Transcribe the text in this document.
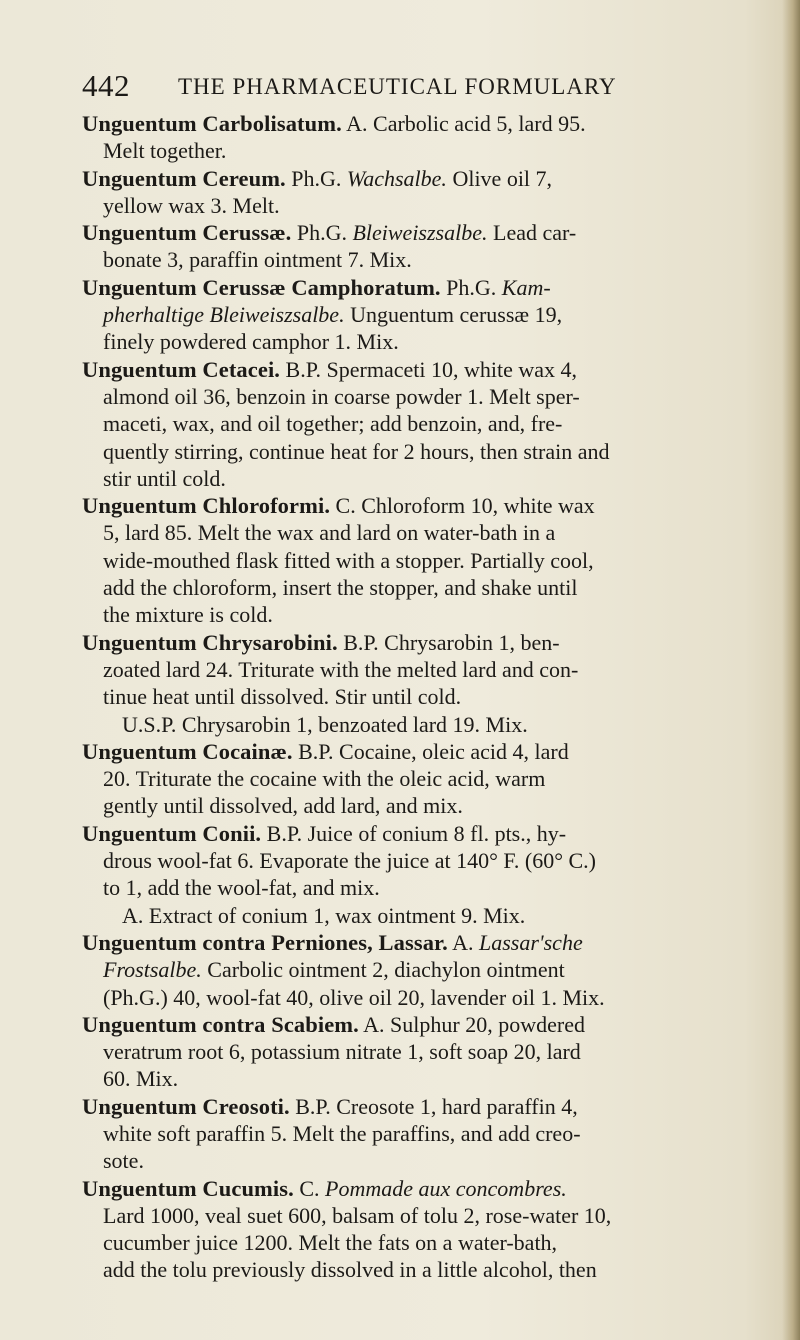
442 THE PHARMACEUTICAL FORMULARY
Unguentum Carbolisatum. A. Carbolic acid 5, lard 95.
Melt together.
Unguentum Cereum. Ph.G. Wachsalbe. Olive oil 7,
yellow wax 3. Melt.
Unguentum Cerussæ. Ph.G. Bleiweiszsalbe. Lead car-
bonate 3, paraffin ointment 7. Mix.
Unguentum Cerussæ Camphoratum. Ph.G. Kam-
pherhaltige Bleiweiszsalbe. Unguentum cerussæ 19,
finely powdered camphor 1. Mix.
Unguentum Cetacei. B.P. Spermaceti 10, white wax 4,
almond oil 36, benzoin in coarse powder 1. Melt sper-
maceti, wax, and oil together; add benzoin, and, fre-
quently stirring, continue heat for 2 hours, then strain and
stir until cold.
Unguentum Chloroformi. C. Chloroform 10, white wax
5, lard 85. Melt the wax and lard on water-bath in a
wide-mouthed flask fitted with a stopper. Partially cool,
add the chloroform, insert the stopper, and shake until
the mixture is cold.
Unguentum Chrysarobini. B.P. Chrysarobin 1, ben-
zoated lard 24. Triturate with the melted lard and con-
tinue heat until dissolved. Stir until cold.
U.S.P. Chrysarobin 1, benzoated lard 19. Mix.
Unguentum Cocainæ. B.P. Cocaine, oleic acid 4, lard
20. Triturate the cocaine with the oleic acid, warm
gently until dissolved, add lard, and mix.
Unguentum Conii. B.P. Juice of conium 8 fl. pts., hy-
drous wool-fat 6. Evaporate the juice at 140° F. (60° C.)
to 1, add the wool-fat, and mix.
A. Extract of conium 1, wax ointment 9. Mix.
Unguentum contra Perniones, Lassar. A. Lassar'sche
Frostsalbe. Carbolic ointment 2, diachylon ointment
(Ph.G.) 40, wool-fat 40, olive oil 20, lavender oil 1. Mix.
Unguentum contra Scabiem. A. Sulphur 20, powdered
veratrum root 6, potassium nitrate 1, soft soap 20, lard
60. Mix.
Unguentum Creosoti. B.P. Creosote 1, hard paraffin 4,
white soft paraffin 5. Melt the paraffins, and add creo-
sote.
Unguentum Cucumis. C. Pommade aux concombres.
Lard 1000, veal suet 600, balsam of tolu 2, rose-water 10,
cucumber juice 1200. Melt the fats on a water-bath,
add the tolu previously dissolved in a little alcohol, then
